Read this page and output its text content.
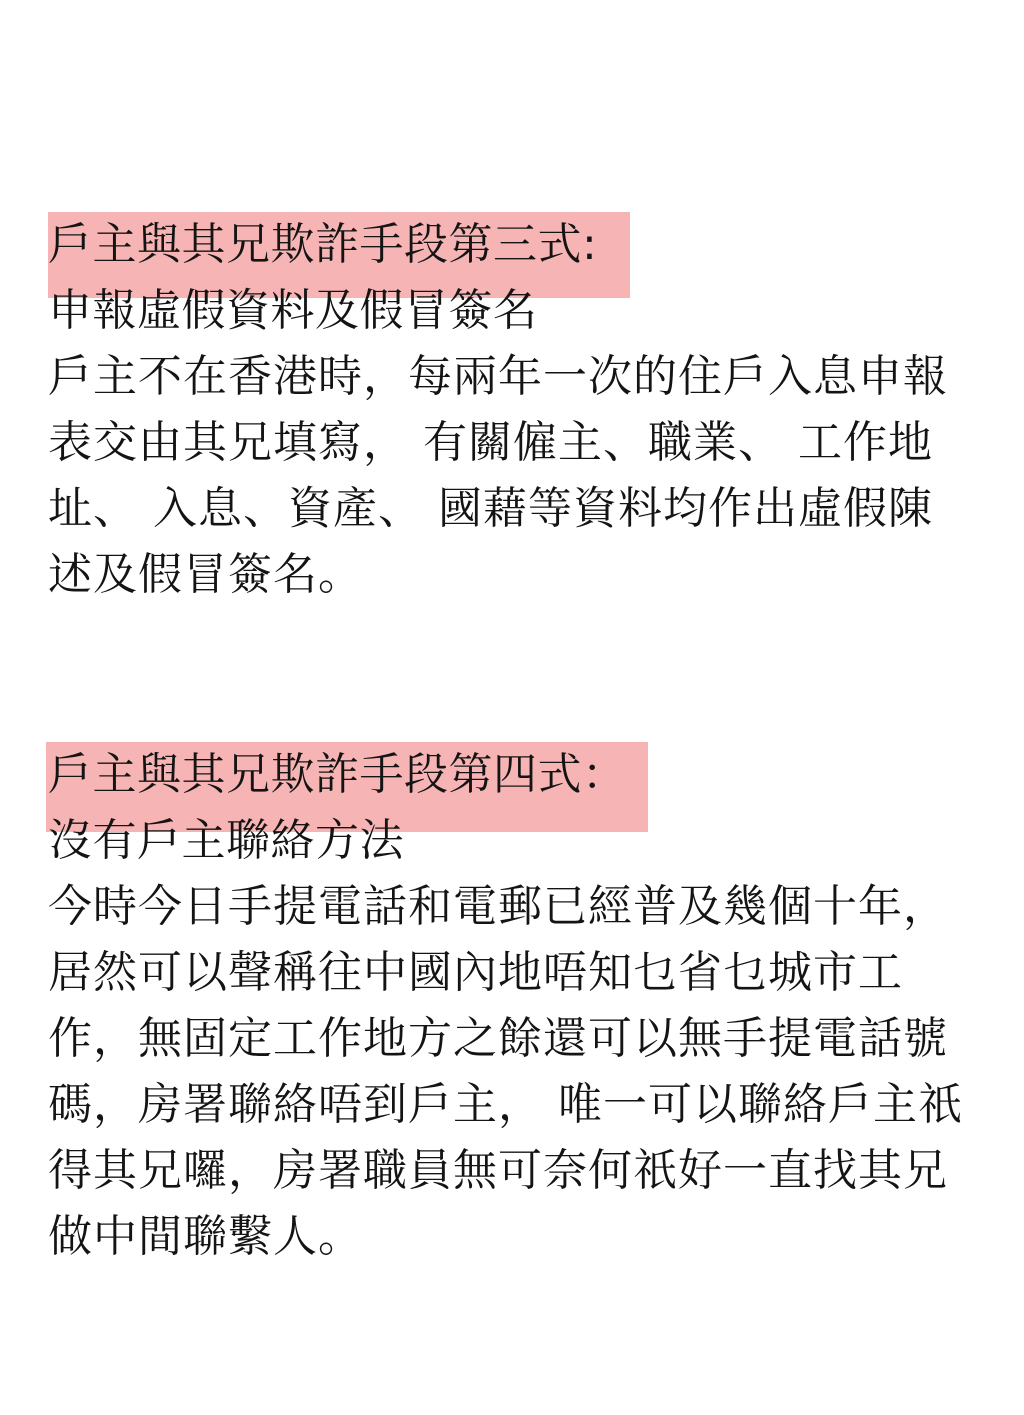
戶主與其兄欺詐手段第三式:
申報虛假資料及假冒簽名
戶主不在香港時，每兩年一次的住戶入息申報
表交由其兄填寫， 有關僱主、職業、 工作地
址、 入息、資產、 國藉等資料均作出虛假陳
述及假冒簽名。
戶主與其兄欺詐手段第四式：
沒有戶主聯絡方法
今時今日手提電話和電郵已經普及幾個十年，
居然可以聲稱往中國內地唔知乜省乜城市工
作，無固定工作地方之餘還可以無手提電話號
碼，房署聯絡唔到戶主， 唯一可以聯絡戶主祇
得其兄囉，房署職員無可奈何祇好一直找其兄
做中間聯繫人。
